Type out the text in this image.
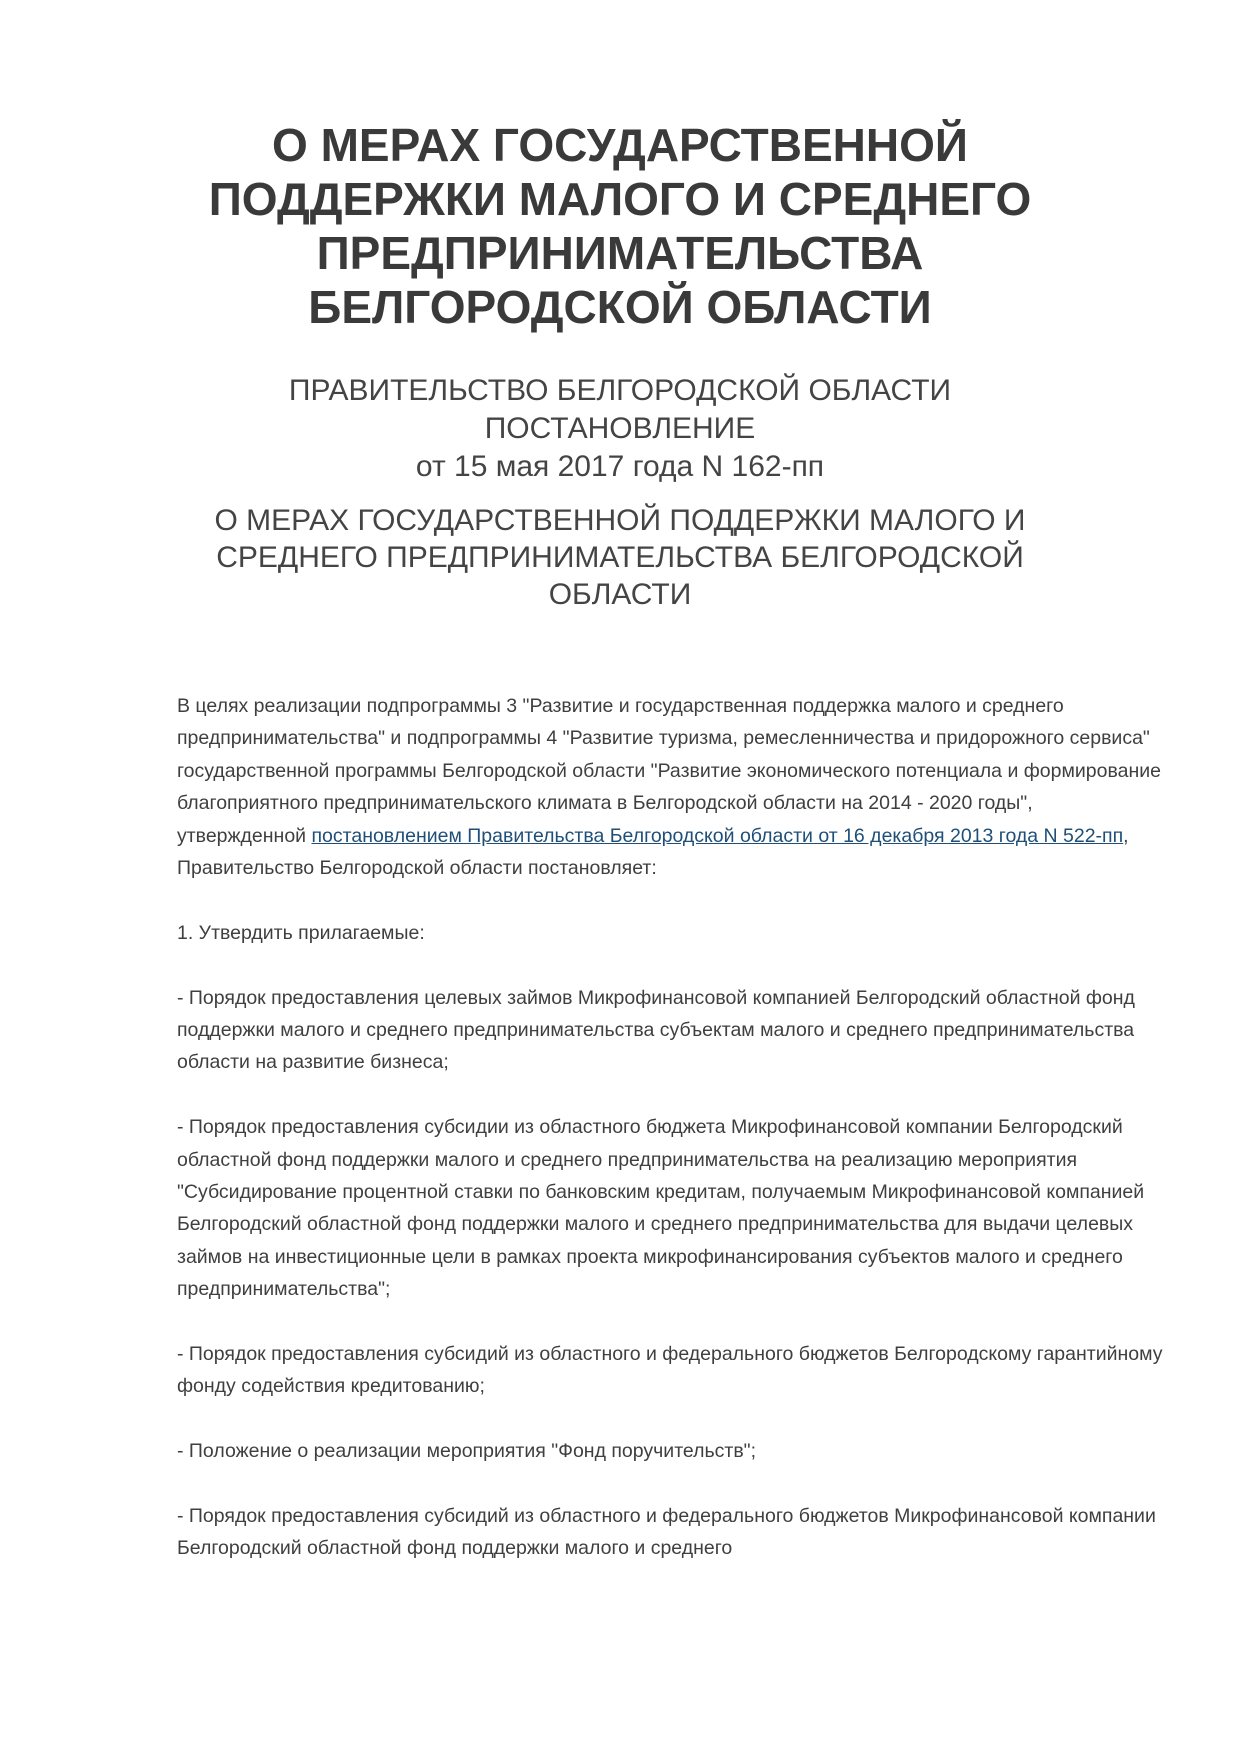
О МЕРАХ ГОСУДАРСТВЕННОЙ
ПОДДЕРЖКИ МАЛОГО И СРЕДНЕГО
ПРЕДПРИНИМАТЕЛЬСТВА
БЕЛГОРОДСКОЙ ОБЛАСТИ
ПРАВИТЕЛЬСТВО БЕЛГОРОДСКОЙ ОБЛАСТИ
ПОСТАНОВЛЕНИЕ
от 15 мая 2017 года N 162-пп
О МЕРАХ ГОСУДАРСТВЕННОЙ ПОДДЕРЖКИ МАЛОГО И
СРЕДНЕГО ПРЕДПРИНИМАТЕЛЬСТВА БЕЛГОРОДСКОЙ
ОБЛАСТИ

В целях реализации подпрограммы 3 "Развитие и государственная поддержка малого и среднего предпринимательства" и подпрограммы 4 "Развитие туризма, ремесленничества и придорожного сервиса" государственной программы Белгородской области "Развитие экономического потенциала и формирование благоприятного предпринимательского климата в Белгородской области на 2014 - 2020 годы", утвержденной постановлением Правительства Белгородской области от 16 декабря 2013 года N 522-пп, Правительство Белгородской области постановляет:

1. Утвердить прилагаемые:

- Порядок предоставления целевых займов Микрофинансовой компанией Белгородский областной фонд поддержки малого и среднего предпринимательства субъектам малого и среднего предпринимательства области на развитие бизнеса;

- Порядок предоставления субсидии из областного бюджета Микрофинансовой компании Белгородский областной фонд поддержки малого и среднего предпринимательства на реализацию мероприятия "Субсидирование процентной ставки по банковским кредитам, получаемым Микрофинансовой компанией Белгородский областной фонд поддержки малого и среднего предпринимательства для выдачи целевых займов на инвестиционные цели в рамках проекта микрофинансирования субъектов малого и среднего предпринимательства";

- Порядок предоставления субсидий из областного и федерального бюджетов Белгородскому гарантийному фонду содействия кредитованию;

- Положение о реализации мероприятия "Фонд поручительств";

- Порядок предоставления субсидий из областного и федерального бюджетов Микрофинансовой компании Белгородский областной фонд поддержки малого и среднего
